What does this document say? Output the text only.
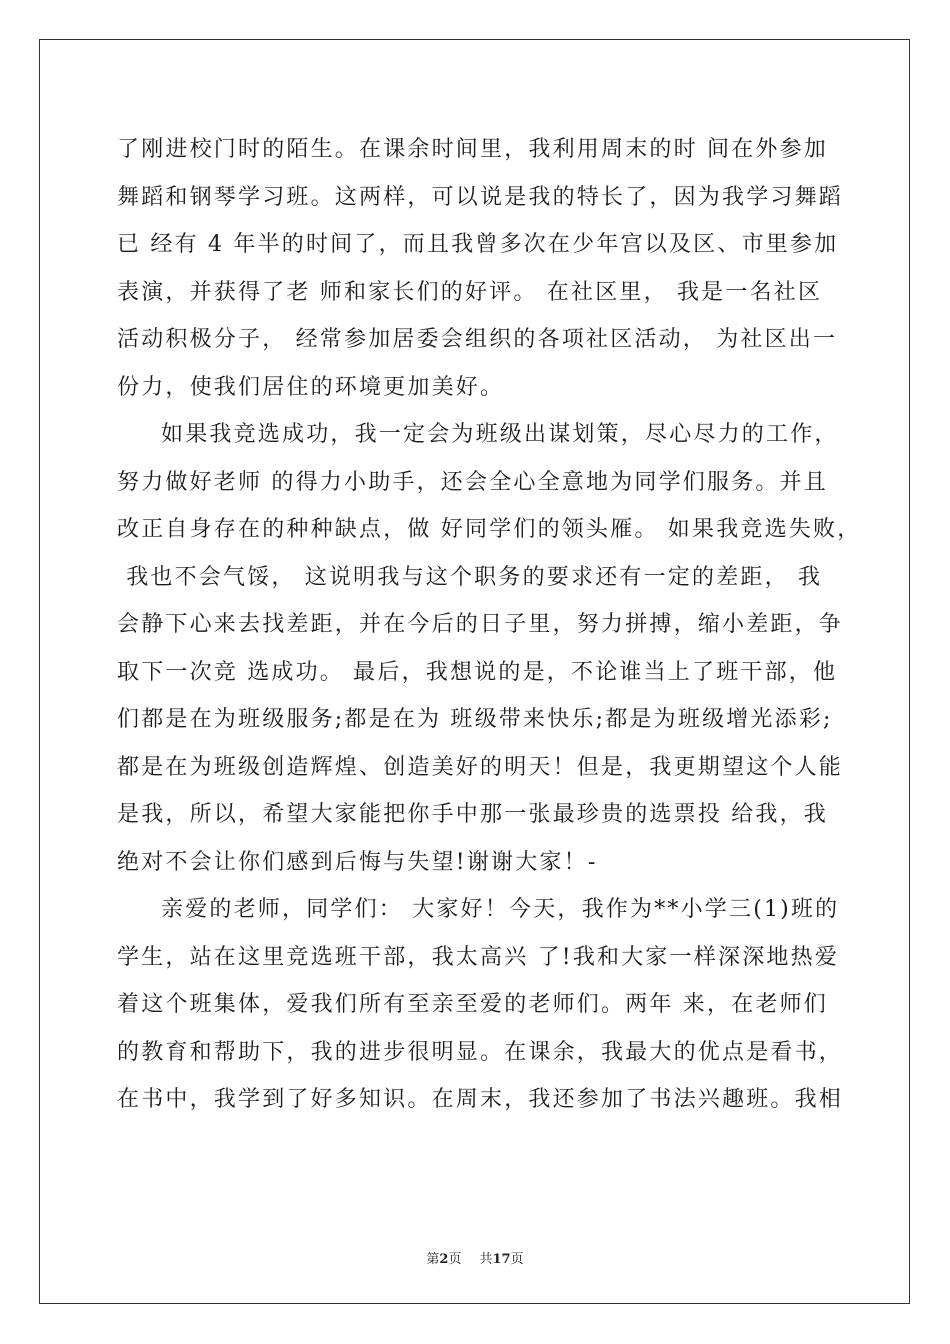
了刚进校门时的陌生。在课余时间里，我利用周末的时 间在外参加
舞蹈和钢琴学习班。这两样，可以说是我的特长了，因为我学习舞蹈
已 经有 4 年半的时间了，而且我曾多次在少年宫以及区、市里参加
表演，并获得了老 师和家长们的好评。 在社区里， 我是一名社区
活动积极分子， 经常参加居委会组织的各项社区活动， 为社区出一
份力，使我们居住的环境更加美好。
如果我竞选成功，我一定会为班级出谋划策，尽心尽力的工作，
努力做好老师 的得力小助手，还会全心全意地为同学们服务。并且
改正自身存在的种种缺点，做 好同学们的领头雁。 如果我竞选失败，
我也不会气馁， 这说明我与这个职务的要求还有一定的差距， 我
会静下心来去找差距，并在今后的日子里，努力拼搏，缩小差距，争
取下一次竞 选成功。 最后，我想说的是，不论谁当上了班干部，他
们都是在为班级服务;都是在为 班级带来快乐;都是为班级增光添彩;
都是在为班级创造辉煌、创造美好的明天！但是，我更期望这个人能
是我，所以，希望大家能把你手中那一张最珍贵的选票投 给我，我
绝对不会让你们感到后悔与失望!谢谢大家！-
亲爱的老师，同学们： 大家好！今天，我作为**小学三(1)班的
学生，站在这里竞选班干部，我太高兴 了!我和大家一样深深地热爱
着这个班集体，爱我们所有至亲至爱的老师们。两年 来，在老师们
的教育和帮助下，我的进步很明显。在课余，我最大的优点是看书，
在书中，我学到了好多知识。在周末，我还参加了书法兴趣班。我相
第2页 共17页
